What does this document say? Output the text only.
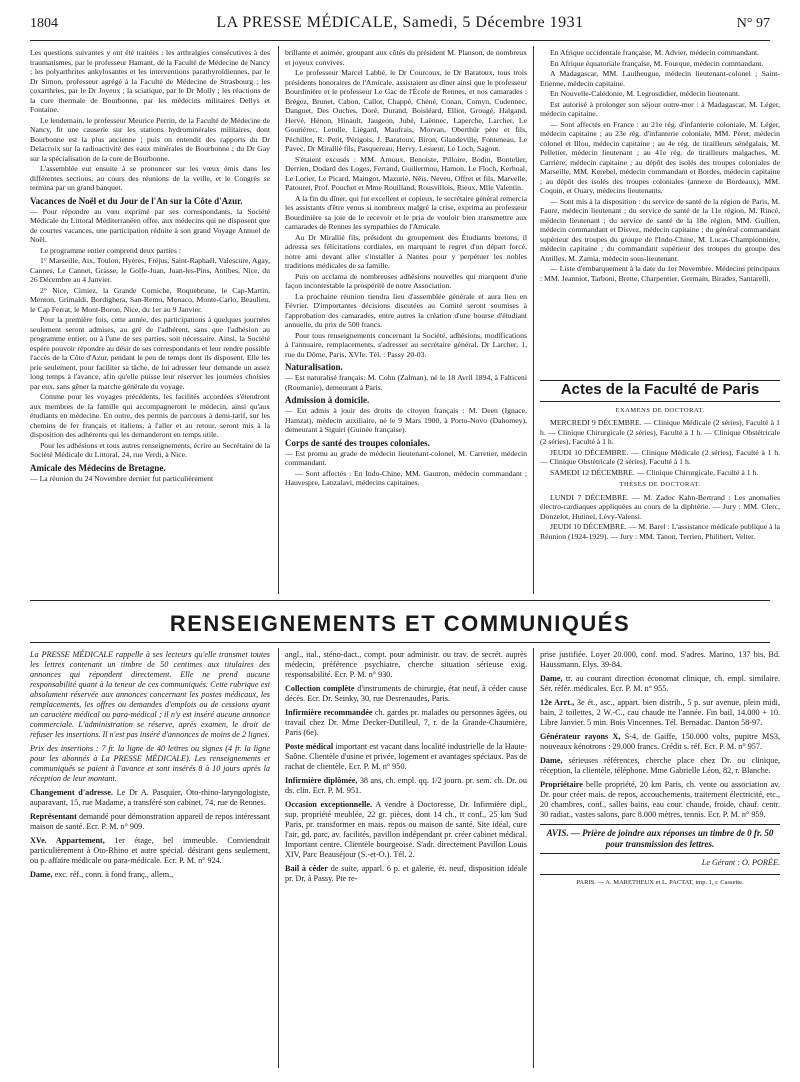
1804	LA PRESSE MÉDICALE, Samedi, 5 Décembre 1931	N° 97

Les questions suivantes y ont été traitées : les arthralgies consécutives à des traumatismes, par le professeur Hamant, de la Faculté de Médecine de Nancy ; les polyarthrites ankylosantes et les interventions parathyroïdiennes, par le Dr Simon, professeur agrégé à la Faculté de Médecine de Strasbourg ; les coxarthries, par le Dr Joyeux ; la sciatique, par le Dr Molly ; les réactions de la cure thermale de Bourbonne, par les médecins militaires Dellys et Fontaine.

Le lendemain, le professeur Meurice Perrin, de la Faculté de Médecine de Nancy, fit une causerie sur les stations hydrominérales militaires, dont Bourbonne est la plus ancienne ; puis on entendit des rapports du Dr Delacroix sur la radioactivité des eaux minérales de Bourbonne ; du Dr Gay sur la spécialisation de la cure de Bourbonne.

L'assemblée eut ensuite à se prononcer sur les vœux émis dans les différentes sections, au cours des réunions de la veille, et le Congrès se termina par un grand banquet.

Vacances de Noël et du Jour de l'An sur la Côte d'Azur.

— Pour répondre au vœu exprimé par ses correspondants, la Société Médicale du Littoral Méditerranéen offre, aux médecins qui ne disposent que de courtes vacances, une participation réduite à son grand Voyage Annuel de Noël.

Le programme entier comprend deux parties :

1° Marseille, Aix, Toulon, Hyères, Fréjus, Saint-Raphaël, Valescure, Agay, Cannes, Le Cannet, Grasse, le Golfe-Juan, Juan-les-Pins, Antibes, Nice, du 26 Décembre au 4 Janvier.

2° Nice, Cimiez, la Grande Corniche, Roquebrune, le Cap-Martin, Menton, Grimaldi, Bordighera, San-Remo, Monaco, Monte-Carlo, Beaulieu, le Cap Ferrat, le Mont-Boron, Nice, du 1er au 9 Janvier.

Pour la première fois, cette année, des participations à quelques journées seulement seront admises, au gré de l'adhérent, sans que l'adhésion au programme entier, ou à l'une de ses parties, soit nécessaire. Ainsi, la Société espère pouvoir répondre au désir de ses correspondants et leur rendre possible l'accès de la Côte d'Azur, pendant le peu de temps dont ils disposent. Elle les prie seulement, pour faciliter sa tâche, de lui adresser leur demande un assez long temps à l'avance, afin qu'elle puisse leur réserver les journées choisies par eux, sans gêner la marche générale du voyage.

Comme pour les voyages précédents, les facilités accordées s'étendront aux membres de la famille qui accompagneront le médecin, ainsi qu'aux étudiants en médecine. En outre, des permis de parcours à demi-tarif, sur les chemins de fer français et italiens, à l'aller et au retour, seront mis à la disposition des adhérents qui les demanderont en temps utile.

Pour les adhésions et tous autres renseignements, écrire au Secrétaire de la Société Médicale du Littoral, 24, rue Verdi, à Nice.

Amicale des Médecins de Bretagne.

— La réunion du 24 Novembre dernier fut particulièrement

brillante et animée, groupant aux côtés du président M. Planson, de nombreux et joyeux convives.

Le professeur Marcel Labbé, le Dr Courcoux, le Dr Baratoux, tous trois présidents honoraires de l'Amicale, assistaient au dîner ainsi que le professeur Bourdinière et le professeur Le Gac de l'École de Rennes, et nos camarades : Brégez, Brunet, Cabon, Callot, Chappé, Chéné, Conan, Comyn, Cudennec, Danguet, Des Ouches, Doré, Durand, Boisléard, Elliot, Grougé, Halgand, Hervé, Hénon, Hinault, Jaugeon, Jubé, Laënnec, Laperche, Larcher, Le Gourièrec, Letulle, Liégard, Maufrais, Morvan, Oberthür père et fils, Péchillot, R. Petit, Périgois, J. Baratoux, Biron, Glandeville, Fonteneau, Le Pavec, Dr Mirallié fils, Pasquereau, Hervy, Lesueur, Le Loch, Sagout.

S'étaient excusés : MM. Arnoux, Benoiste, Pilloire, Bodin, Bontelier, Derrien, Dodard des Loges, Ferrand, Guillermou, Hamon, Le Floch, Kerhoal, Le Lorier, Le Picard, Maingot, Mazurié, Nêis, Neveu, Offret et fils, Marvelle, Patouret, Prof. Pouchet et Mme Rouilland, Rousvillois, Rieux, Mlle Valentin.

A la fin du dîner, qui fut excellent et copieux, le secrétaire général remercia les assistants d'être venus si nombreux malgré la crise, exprima au professeur Bourdinière sa joie de le recevoir et le pria de vouloir bien transmettre aux camarades de Rennes les sympathies de l'Amicale.

Au Dr Mirallié fils, président du groupement des Étudiants bretons, il adressa ses félicitations cordiales, en marquant le regret d'un départ forcé, notre ami devant aller s'installer à Nantes pour y perpétuer les nobles traditions médicales de sa famille.

Puis on acclama de nombreuses adhésions nouvelles qui marquent d'une façon incontestable la prospérité de notre Association.

La prochaine réunion tiendra lieu d'assemblée générale et aura lieu en Février. D'importantes décisions discutées au Comité seront soumises à l'approbation des camarades, entre autres la création d'une bourse d'étudiant annuelle, du prix de 500 francs.

Pour tous renseignements concernant la Société, adhésions, modifications à l'annuaire, remplacements, s'adresser au secrétaire général, Dr Larcher, 1, rue du Dôme, Paris, XVIe. Tél. : Passy 20-03.

Naturalisation.

— Est naturalisé français: M. Cohn (Zalman), né le 18 Avril 1894, à Falticeni (Roumanie), demeurant à Paris.

Admission à domicile.

— Est admis à jouir des droits de citoyen français : M. Deen (Ignace, Hamzat), médecin auxiliaire, né le 9 Mars 1900, à Porto-Novo (Dahomey), demeurant à Siguiri (Guinée française).

Corps de santé des troupes coloniales.

— Est promu au grade de médecin lieutenant-colonel, M. Carretier, médecin commandant.

— Sont affectés : En Indo-Chine, MM. Gautron, médecin commandant ; Hauvespre, Lanzalavi, médecins capitaines.

En Afrique occidentale française, M. Advier, médecin commandant.

En Afrique équatoriale française, M. Fourque, médecin commandant.

A Madagascar, MM. Laulheugue, médecin lieutenant-colonel ; Saint-Etienne, médecin capitaine.

En Nouvelle-Calédonie, M. Legrosdidier, médecin lieutenant.

Est autorisé à prolonger son séjour outre-mer : à Madagascar, M. Léger, médecin capitaine.

— Sont affectés en France : au 21e rég. d'infanterie coloniale, M. Léger, médecin capitaine ; au 23e rég. d'infanterie coloniale, MM. Péret, médecin colonel et Illou, médecin capitaine ; au 4e rég. de tirailleurs sénégalais, M. Pelletier, médecin lieutenant ; au 41e rég. de tirailleurs malgaches, M. Carrière, médecin capitaine ; au dépôt des isolés des troupes coloniales de Marseille, MM. Kerebel, médecin commandant et Bordes, médecin capitaine ; au dépôt des isolés des troupes coloniales (annexe de Bordeaux), MM. Coquin, et Ouary, médecins lieutenants.

— Sont mis à la disposition : du service de santé de la région de Paris, M. Faure, médecin lieutenant ; du service de santé de la 11e région, M. Rincé, médecin lieutenant ; du service de santé de la 18e région, MM. Guillen, médecin commandant et Disvez, médecin capitaine ; du général commandant supérieur des troupes du groupe de l'Indo-Chine, M. Lucas-Championnière, médecin capitaine ; du commandant supérieur des troupes du groupe des Antilles, M. Zamia, médecin sous-lieutenant.

— Liste d'embarquement à la date du 1er Novembre. Médecins principaux : MM. Jeanniot, Tarboni, Brette, Charpentier, Germain, Birades, Santarelli.

Actes de la Faculté de Paris
EXAMENS DE DOCTORAT.

MERCREDI 9 DÉCEMBRE. — Clinique Médicale (2 séries), Faculté à 1 h. — Clinique Chirurgicale (2 séries), Faculté à 1 h. — Clinique Obstétricale (2 séries), Faculté à 1 h.

JEUDI 10 DÉCEMBRE. — Clinique Médicale (2 séries), Faculté à 1 h. — Clinique Obstétricale (2 séries), Faculté à 1 h.

SAMEDI 12 DÉCEMBRE. — Clinique Chirurgicale, Faculté à 1 h.

THÈSES DE DOCTORAT.

LUNDI 7 DÉCEMBRE. — M. Zadoc Kahn-Bertrand : Les anomalies électro-cardiaques appliquées au cours de la diphtérie. — Jury : MM. Clerc, Donzelot, Hutinel, Lévy-Valensi.

JEUDI 10 DÉCEMBRE. — M. Barel : L'assistance médicale publique à la Réunion (1924-1929). — Jury : MM. Tanon, Terrien, Philibert, Velter.

RENSEIGNEMENTS ET COMMUNIQUÉS

La PRESSE MÉDICALE rappelle à ses lecteurs qu'elle transmet toutes les lettres contenant un timbre de 50 centimes aux titulaires des annonces qui répondent directement. Elle ne prend aucune responsabilité quant à la teneur de ces communiqués. Cette rubrique est absolument réservée aux annonces concernant les postes médicaux, les remplacements, les offres ou demandes d'emplois ou de cessions ayant un caractère médical ou para-médical ; il n'y est inséré aucune annonce commerciale. L'administration se réserve, après examen, le droit de refuser les insertions. Il n'est pas inséré d'annonces de moins de 2 lignes.

Prix des insertions : 7 fr. la ligne de 40 lettres ou signes (4 fr. la ligne pour les abonnés à La PRESSE MÉDICALE). Les renseignements et communiqués se paient à l'avance et sont insérés 8 à 10 jours après la réception de leur montant.

Changement d'adresse. Le Dr A. Pasquier, Oto-rhino-laryngologiste, auparavant, 15, rue Madame, a transféré son cabinet, 74, rue de Rennes.

Représentant demandé pour démonstration appareil de repos intéressant maison de santé. Ecr. P. M. n° 909.

XVe. Appartement, 1er étage, bel immeuble. Conviendrait particulièrement à Oto-Rhino et autre spécial. désirant gens seulement, ou p. affaire médicale ou para-médicale. Ecr. P. M. n° 924.

Dame, exc. réf., conn. à fond franç., allem.,

angl., ital., sténo-dact., compt. pour administr. ou trav. de secrét. auprès médecin, préférence psychiatre, cherche situation sérieuse exig. responsabilité. Ecr. P. M. n° 930.

Collection complète d'instruments de chirurgie, état neuf, à céder cause décès. Ecr. Dr. Seinky, 30, rue Desrenaudes, Paris.

Infirmière recommandée ch. gardes pr. malades ou personnes âgées, ou travail chez Dr. Mme Decker-Dutilleul, 7, r. de la Grande-Chaumière, Paris (6e).

Poste médical important est vacant dans localité industrielle de la Haute-Saône. Clientèle d'usine et privée, logement et avantages spéciaux. Pas de rachat de clientèle. Ecr. P. M. n° 950.

Infirmière diplômée, 38 ans, ch. empl. qq. 1/2 journ. pr. sem. ch. Dr. ou ds. clin. Ecr. P. M. 951.

Occasion exceptionnelle. A vendre à Doctoresse, Dr. Infirmière dipl., sup. propriété meublée, 22 gr. pièces, dont 14 ch., tt conf., 25 km Sud Paris, pr. transformer en mais. repos ou maison de santé. Site idéal, cure l'air, gd. parc, av. facilités, pavillon indépendant pr. créer cabinet médical. Important centre. Clientèle bourgeoise. S'adr. directement Pavillon Louis XIV, Parc Beauséjour (S.-et-O.). Tél. 2.

Bail à céder de suite, apparl. 6 p. et galerie, ét. neuf, disposition idéale pr. Dr, à Passy. Pte re-

prise justifiée. Loyer 20.000, conf. mod. S'adres. Marino, 137 bis, Bd. Haussmann. Elys. 39-84.

Dame, tr. au courant direction économat clinique, ch. empl. similaire. Sér. référ. médicales. Ecr. P. M. n° 955.

12e Arrt., 3e ét., asc., appart. bien distrib., 5 p. sur avenue, plein midi, bain, 2 toilettes, 2 W.-C., cau chaude tte l'année. Fin bail, 14.000 + 10. Libre Janvier. 5 min. Bois Vincennes. Tél. Bernadac. Danton 58-97.

Générateur rayons X, S-4, de Gaiffe, 150.000 volts, pupitre MS3, nouveaux kénotrons : 29.000 francs. Crédit s. réf. Ecr. P. M. n° 957.

Dame, sérieuses références, cherche place chez Dr. ou clinique, réception, la clientèle, téléphone. Mme Gabrielle Léon, 82, r. Blanche.

Propriétaire belle propriété, 20 km Paris, ch. vente ou association av. Dr. pour créer mais. de repos, accouchements, traitement électricité, etc., 20 chambres, conf., salles bains, eau cour. chaude, froide, chauf. centr. 30 radiat., vastes salons, parc 8.000 mètres, tennis. Ecr. P. M. n° 959.

AVIS. — Prière de joindre aux réponses un timbre de 0 fr. 50 pour transmission des lettres.
Le Gérant : O. PORÉE.
PARIS. — A. MARETHEUX et L. PACTAT, imp. 1, r. Cassette.
